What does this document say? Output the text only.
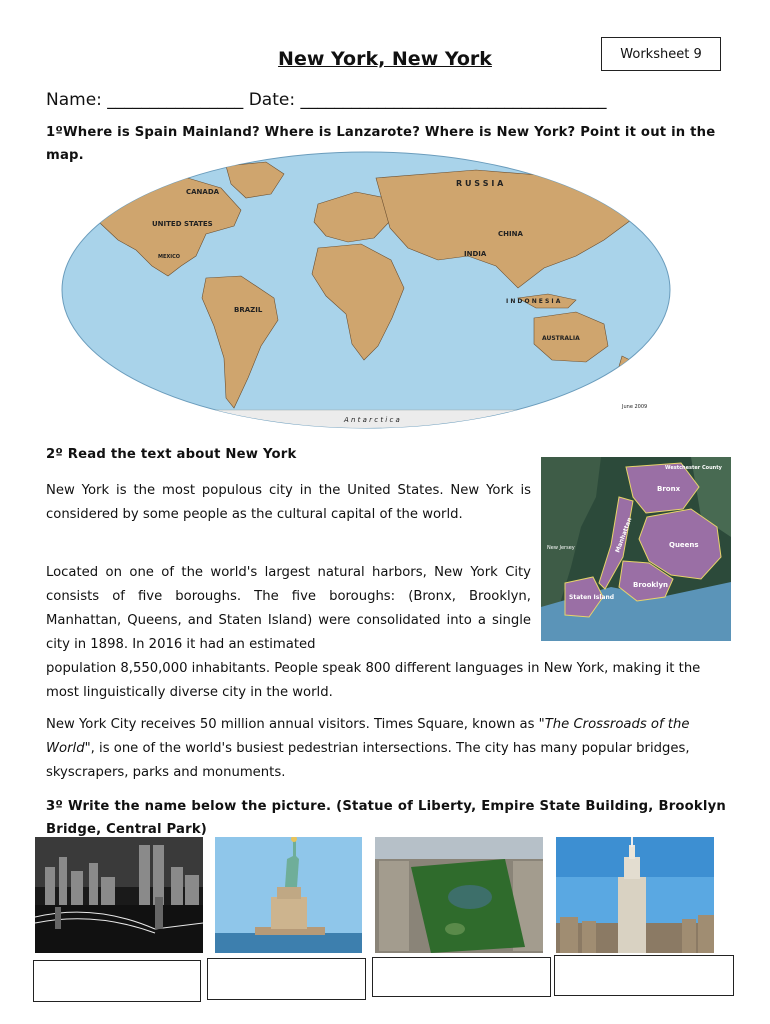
New York, New York	Worksheet 9
Name: ________________ Date: ____________________________________
1ºWhere is Spain Mainland? Where is Lanzarote? Where is New York? Point it out in the map.
CANADA
UNITED STATES
MEXICO
BRAZIL
R U S S I A
CHINA
INDIA
I N D O N E S I A
AUSTRALIA
A n t a r c t i c a
June 2009
2º Read the text about New York
Westchester County
Bronx
Manhattan	Queens
Brooklyn
Staten Island
New Jersey
New York is the most populous city in the United States. New York is considered by some people as the cultural capital of the world.
Located on one of the world's largest natural harbors, New York City consists of five boroughs. The five boroughs: (Bronx, Brooklyn, Manhattan, Queens, and Staten Island) were consolidated into a single city in 1898. In 2016 it had an estimated
population 8,550,000 inhabitants. People speak 800 different languages in New York, making it the most linguistically diverse city in the world.
New York City receives 50 million annual visitors. Times Square, known as "The Crossroads of the World", is one of the world's busiest pedestrian intersections. The city has many popular bridges, skyscrapers, parks and monuments.
3º Write the name below the picture. (Statue of Liberty, Empire State Building, Brooklyn Bridge, Central Park)
